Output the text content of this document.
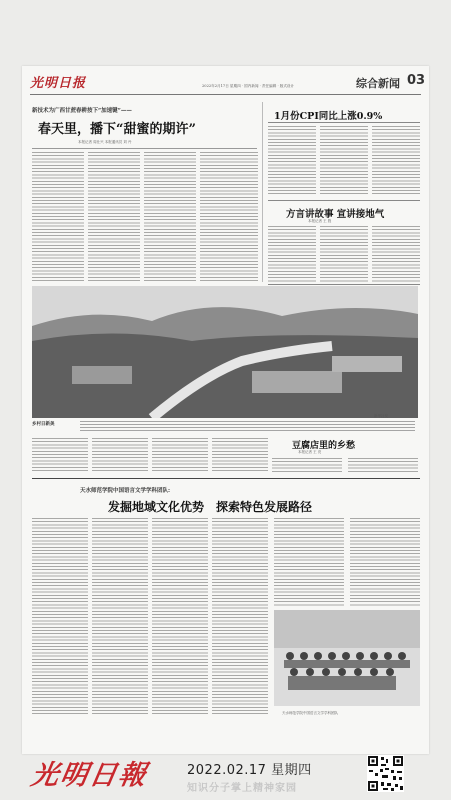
光明日报	2022年2月17日 星期四 · 国内新闻 · 责任编辑 · 版式设计	综合新闻 03
新技术为广西甘蔗春耕按下“加速键”——
春天里，播下“甜蜜的期许”
本报记者 周仕兴 本报通讯员 刘 丹
1月份CPI同比上涨0.9%
方言讲故事 宣讲接地气
本报记者 王 胜
乡村日新美
新华社发
豆腐店里的乡愁
本报记者 王 亮
天水师范学院中国语言文学学科团队:
发掘地域文化优势　探索特色发展路径
天水师范学院中国语言文学学科团队
光明日報	2022.02.17 星期四
知识分子掌上精神家园
